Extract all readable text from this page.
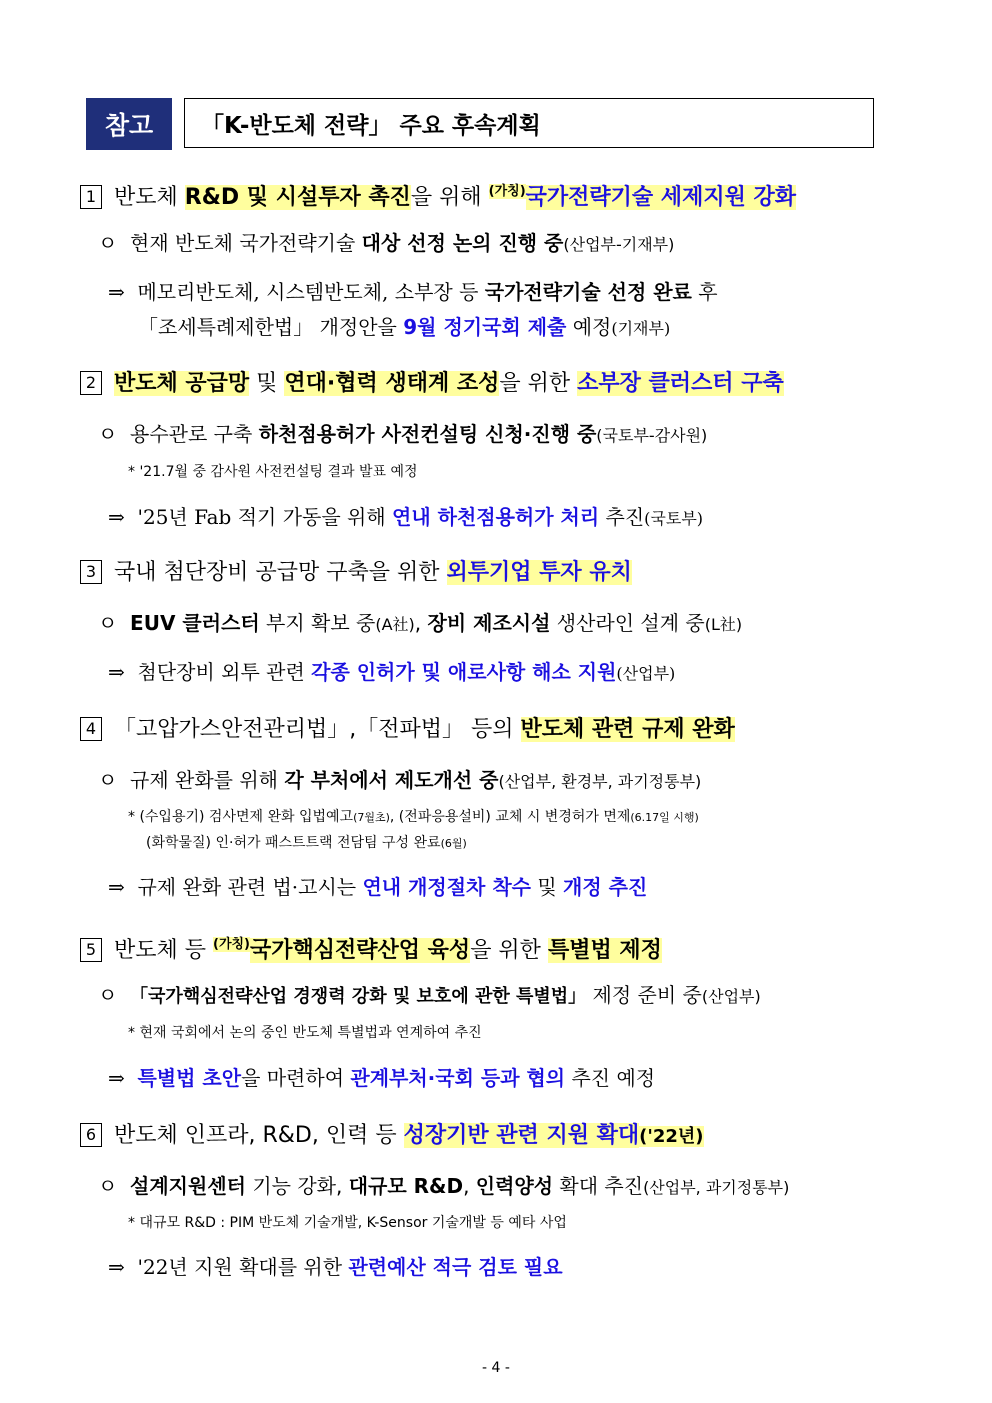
참고	「K-반도체 전략」 주요 후속계획
1 반도체 R&D 및 시설투자 촉진을 위해 $^{(가칭)}$국가전략기술 세제지원 강화
ㅇ 현재 반도체 국가전략기술 대상 선정 논의 진행 중(산업부-기재부)
⇒ 메모리반도체, 시스템반도체, 소부장 등 국가전략기술 선정 완료 후
「조세특례제한법」 개정안을 9월 정기국회 제출 예정(기재부)
2 반도체 공급망 및 연대·협력 생태계 조성을 위한 소부장 클러스터 구축
ㅇ 용수관로 구축 하천점용허가 사전컨설팅 신청·진행 중(국토부-감사원)
* '21.7월 중 감사원 사전컨설팅 결과 발표 예정
⇒ '25년 Fab 적기 가동을 위해 연내 하천점용허가 처리 추진(국토부)
3 국내 첨단장비 공급망 구축을 위한 외투기업 투자 유치
ㅇ EUV 클러스터 부지 확보 중(A社), 장비 제조시설 생산라인 설계 중(L社)
⇒ 첨단장비 외투 관련 각종 인허가 및 애로사항 해소 지원(산업부)
4 「고압가스안전관리법」,「전파법」 등의 반도체 관련 규제 완화
ㅇ 규제 완화를 위해 각 부처에서 제도개선 중(산업부, 환경부, 과기정통부)
* (수입용기) 검사면제 완화 입법예고(7월초), (전파응용설비) 교체 시 변경허가 면제(6.17일 시행)
(화학물질) 인·허가 패스트트랙 전담팀 구성 완료(6월)
⇒ 규제 완화 관련 법·고시는 연내 개정절차 착수 및 개정 추진
5 반도체 등 $^{(가칭)}$국가핵심전략산업 육성을 위한 특별법 제정
ㅇ 「국가핵심전략산업 경쟁력 강화 및 보호에 관한 특별법」 제정 준비 중(산업부)
* 현재 국회에서 논의 중인 반도체 특별법과 연계하여 추진
⇒ 특별법 초안을 마련하여 관계부처·국회 등과 협의 추진 예정
6 반도체 인프라, R&D, 인력 등 성장기반 관련 지원 확대('22년)
ㅇ 설계지원센터 기능 강화, 대규모 R&D, 인력양성 확대 추진(산업부, 과기정통부)
* 대규모 R&D : PIM 반도체 기술개발, K-Sensor 기술개발 등 예타 사업
⇒ '22년 지원 확대를 위한 관련예산 적극 검토 필요
- 4 -
